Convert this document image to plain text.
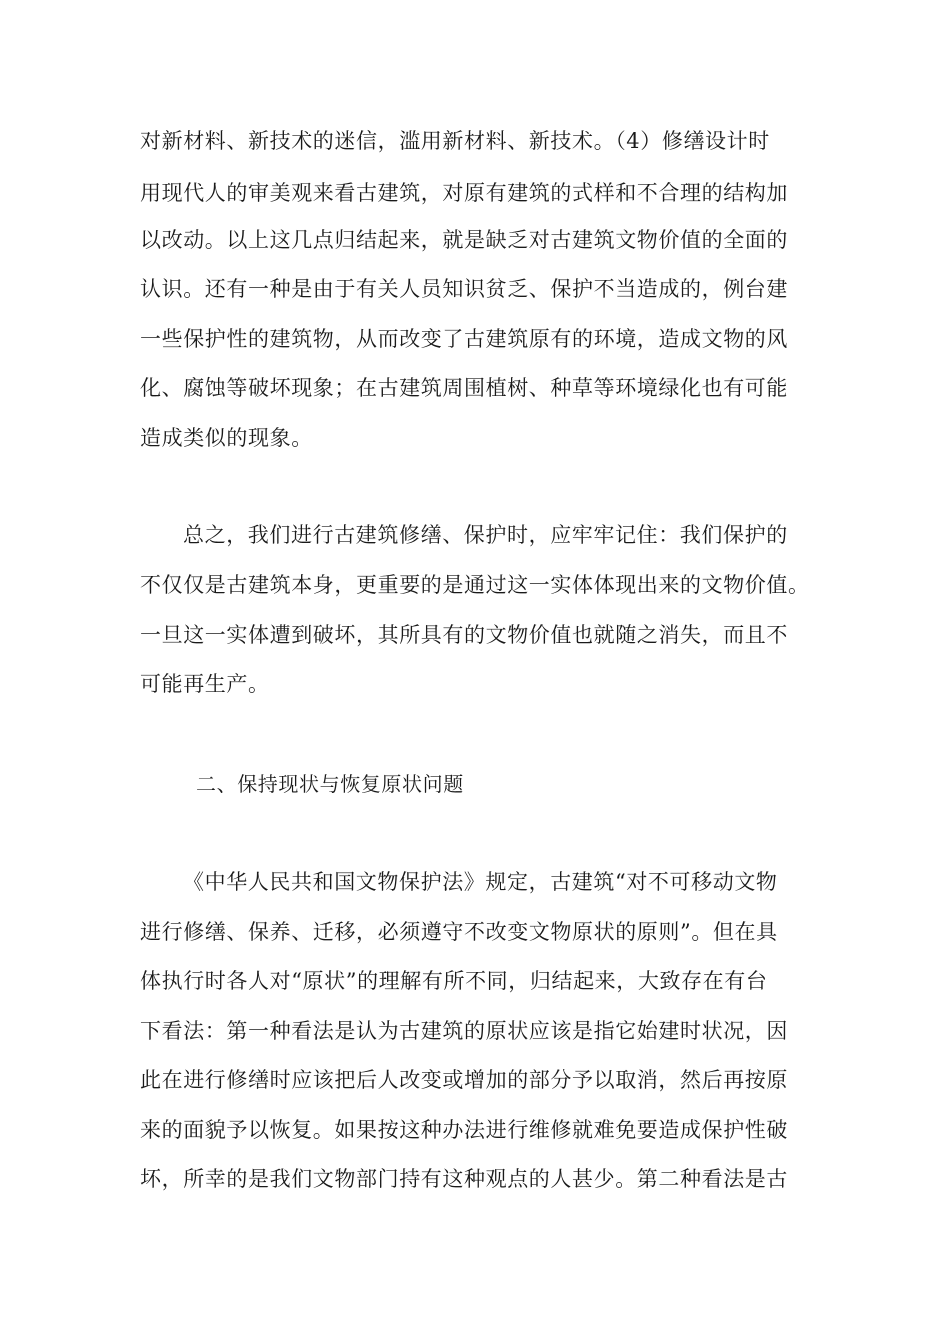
对新材料、新技术的迷信，滥用新材料、新技术。（4）修缮设计时
用现代人的审美观来看古建筑，对原有建筑的式样和不合理的结构加
以改动。以上这几点归结起来，就是缺乏对古建筑文物价值的全面的
认识。还有一种是由于有关人员知识贫乏、保护不当造成的，例台建
一些保护性的建筑物，从而改变了古建筑原有的环境，造成文物的风
化、腐蚀等破坏现象；在古建筑周围植树、种草等环境绿化也有可能
造成类似的现象。
总之，我们进行古建筑修缮、保护时，应牢牢记住：我们保护的
不仅仅是古建筑本身，更重要的是通过这一实体体现出来的文物价值。
一旦这一实体遭到破坏，其所具有的文物价值也就随之消失，而且不
可能再生产。
二、保持现状与恢复原状问题
《中华人民共和国文物保护法》规定，古建筑“对不可移动文物
进行修缮、保养、迁移，必须遵守不改变文物原状的原则”。但在具
体执行时各人对“原状”的理解有所不同，归结起来，大致存在有台
下看法：第一种看法是认为古建筑的原状应该是指它始建时状况，因
此在进行修缮时应该把后人改变或增加的部分予以取消，然后再按原
来的面貌予以恢复。如果按这种办法进行维修就难免要造成保护性破
坏，所幸的是我们文物部门持有这种观点的人甚少。第二种看法是古
